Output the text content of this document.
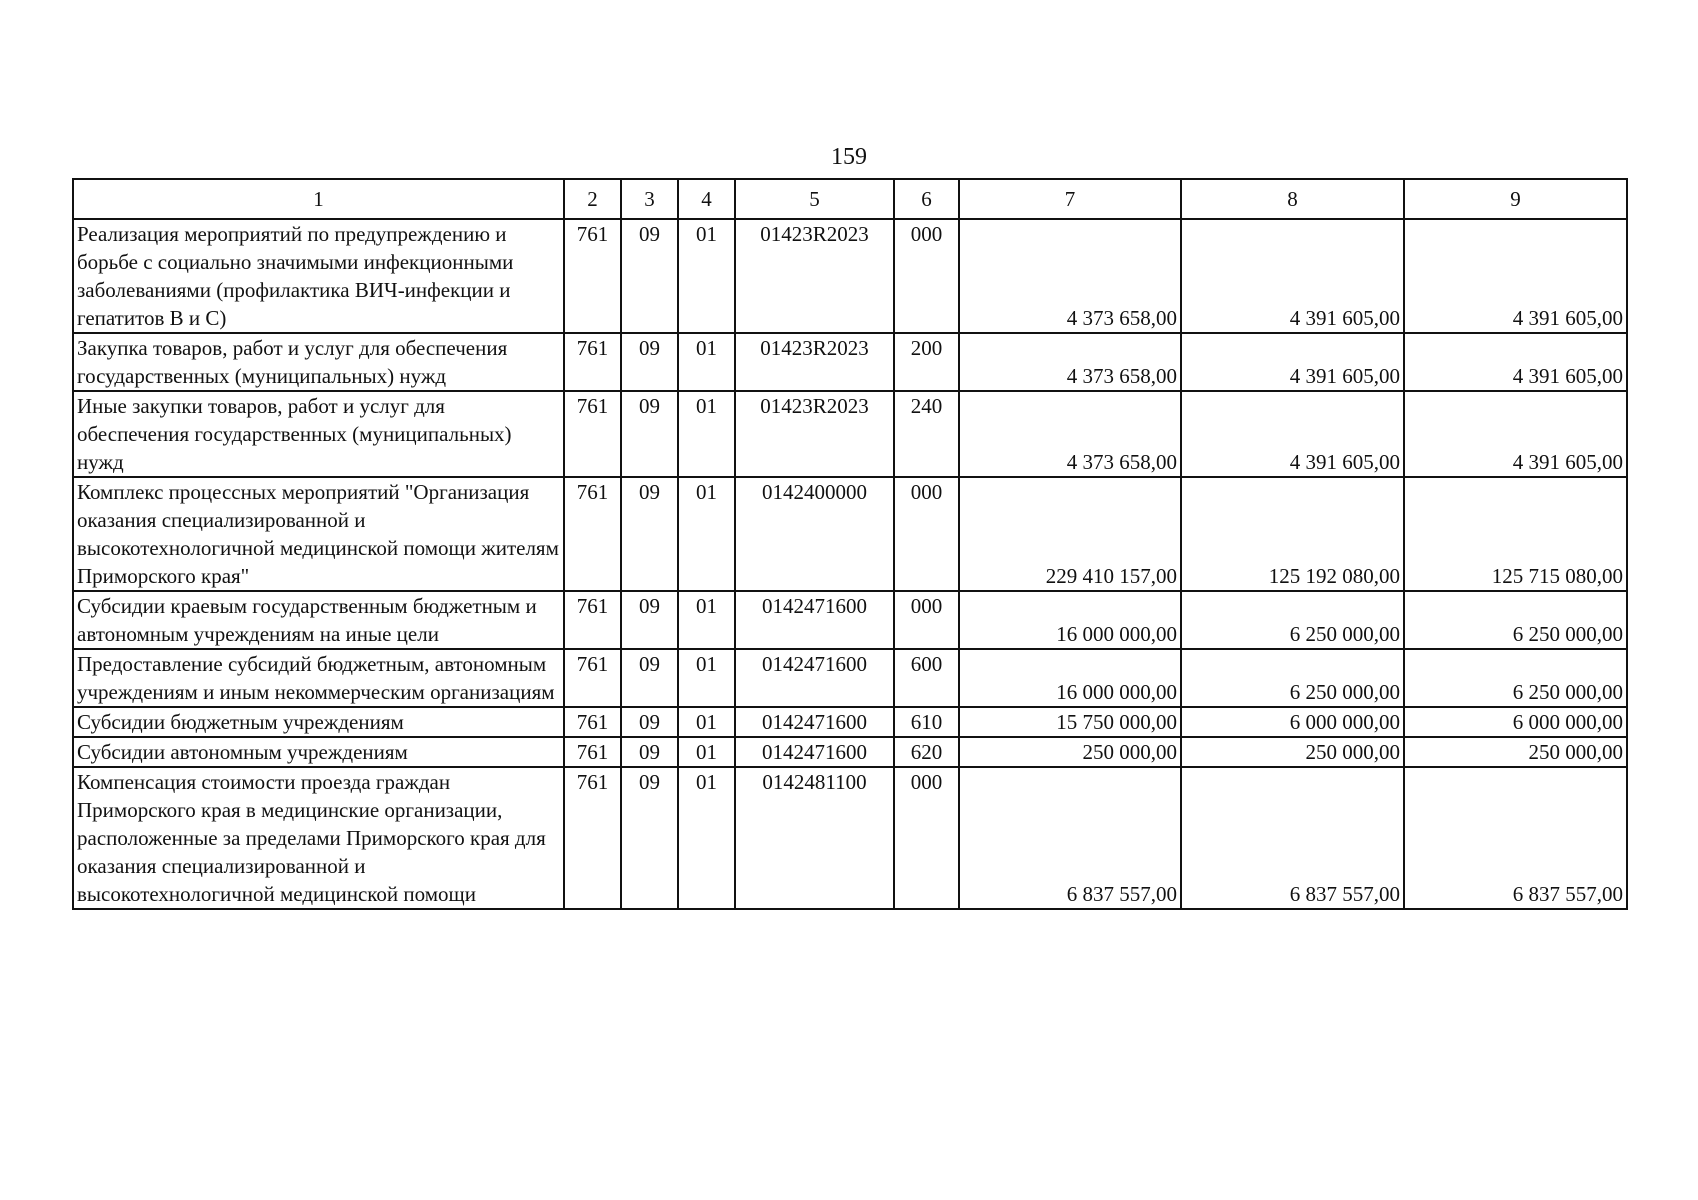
159
1	2	3	4	5	6	7	8	9
Реализация мероприятий по предупреждению и борьбе с социально значимыми инфекционными заболеваниями (профилактика ВИЧ-инфекции и гепатитов В и С)	761	09	01	01423R2023	000	4 373 658,00	4 391 605,00	4 391 605,00
Закупка товаров, работ и услуг для обеспечения государственных (муниципальных) нужд	761	09	01	01423R2023	200	4 373 658,00	4 391 605,00	4 391 605,00
Иные закупки товаров, работ и услуг для обеспечения государственных (муниципальных) нужд	761	09	01	01423R2023	240	4 373 658,00	4 391 605,00	4 391 605,00
Комплекс процессных мероприятий "Организация оказания специализированной и высокотехнологичной медицинской помощи жителям Приморского края"	761	09	01	0142400000	000	229 410 157,00	125 192 080,00	125 715 080,00
Субсидии краевым государственным бюджетным и автономным учреждениям на иные цели	761	09	01	0142471600	000	16 000 000,00	6 250 000,00	6 250 000,00
Предоставление субсидий бюджетным, автономным учреждениям и иным некоммерческим организациям	761	09	01	0142471600	600	16 000 000,00	6 250 000,00	6 250 000,00
Субсидии бюджетным учреждениям	761	09	01	0142471600	610	15 750 000,00	6 000 000,00	6 000 000,00
Субсидии автономным учреждениям	761	09	01	0142471600	620	250 000,00	250 000,00	250 000,00
Компенсация стоимости проезда граждан Приморского края в медицинские организации, расположенные за пределами Приморского края для оказания специализированной и высокотехнологичной медицинской помощи	761	09	01	0142481100	000	6 837 557,00	6 837 557,00	6 837 557,00
